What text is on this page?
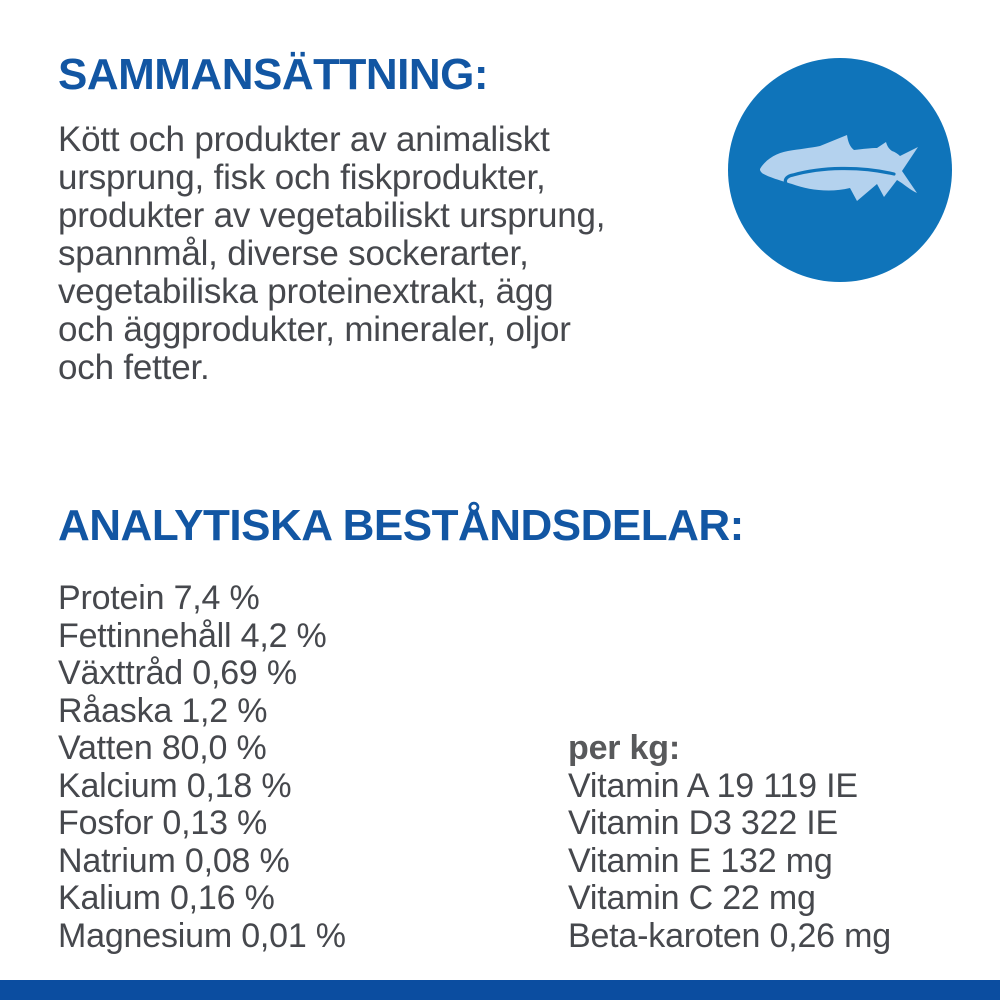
SAMMANSÄTTNING:
Kött och produkter av animaliskt
ursprung, fisk och fiskprodukter,
produkter av vegetabiliskt ursprung,
spannmål, diverse sockerarter,
vegetabiliska proteinextrakt, ägg
och äggprodukter, mineraler, oljor
och fetter.
ANALYTISKA BESTÅNDSDELAR:
Protein 7,4 %
Fettinnehåll 4,2 %
Växttråd 0,69 %
Råaska 1,2 %
Vatten 80,0 %
Kalcium 0,18 %
Fosfor 0,13 %
Natrium 0,08 %
Kalium 0,16 %
Magnesium 0,01 %
per kg:
Vitamin A 19 119 IE
Vitamin D3 322 IE
Vitamin E 132 mg
Vitamin C 22 mg
Beta-karoten 0,26 mg
